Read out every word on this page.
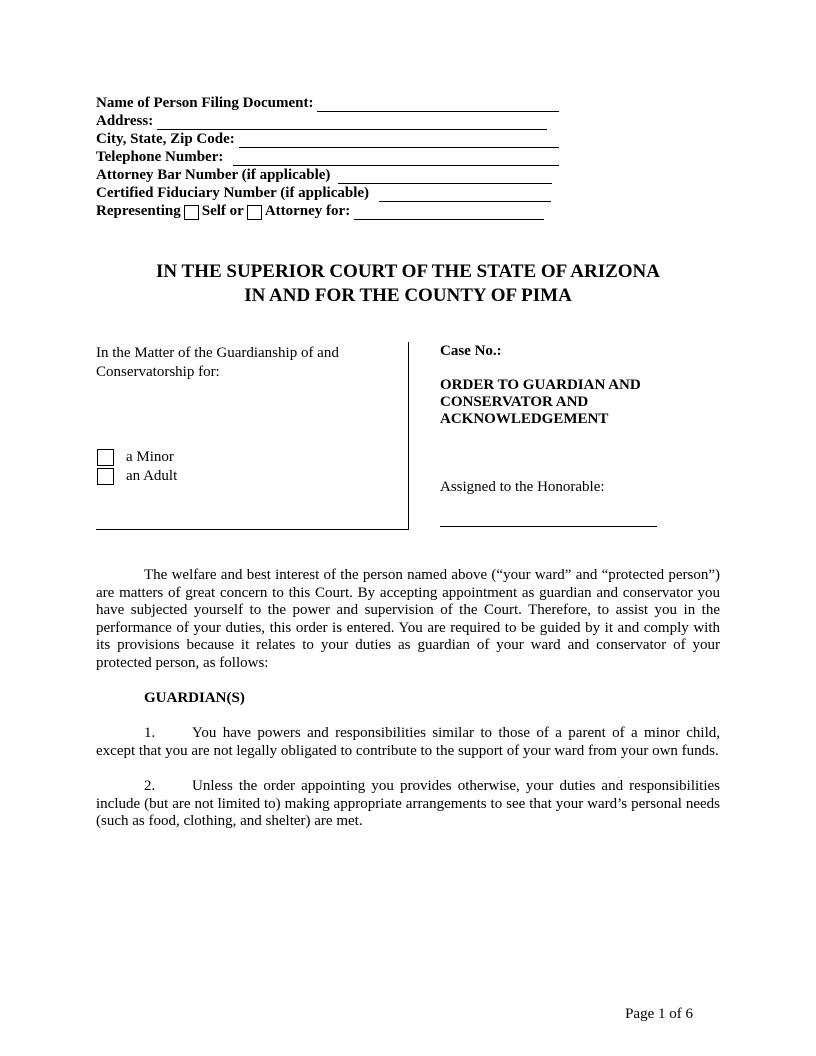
Name of Person Filing Document:
Address:
City, State, Zip Code:
Telephone Number:
Attorney Bar Number (if applicable)
Certified Fiduciary Number (if applicable)
Representing Self or Attorney for:
IN THE SUPERIOR COURT OF THE STATE OF ARIZONA
IN AND FOR THE COUNTY OF PIMA
In the Matter of the Guardianship of and
Conservatorship for:
a Minor
an Adult
Case No.:
ORDER TO GUARDIAN AND
CONSERVATOR AND
ACKNOWLEDGEMENT
Assigned to the Honorable:

The welfare and best interest of the person named above (“your ward” and “protected person”) are matters of great concern to this Court. By accepting appointment as guardian and conservator you have subjected yourself to the power and supervision of the Court. Therefore, to assist you in the performance of your duties, this order is entered. You are required to be guided by it and comply with its provisions because it relates to your duties as guardian of your ward and conservator of your protected person, as follows:

GUARDIAN(S)

1. You have powers and responsibilities similar to those of a parent of a minor child, except that you are not legally obligated to contribute to the support of your ward from your own funds.

2. Unless the order appointing you provides otherwise, your duties and responsibilities include (but are not limited to) making appropriate arrangements to see that your ward’s personal needs (such as food, clothing, and shelter) are met.

Page 1 of 6
